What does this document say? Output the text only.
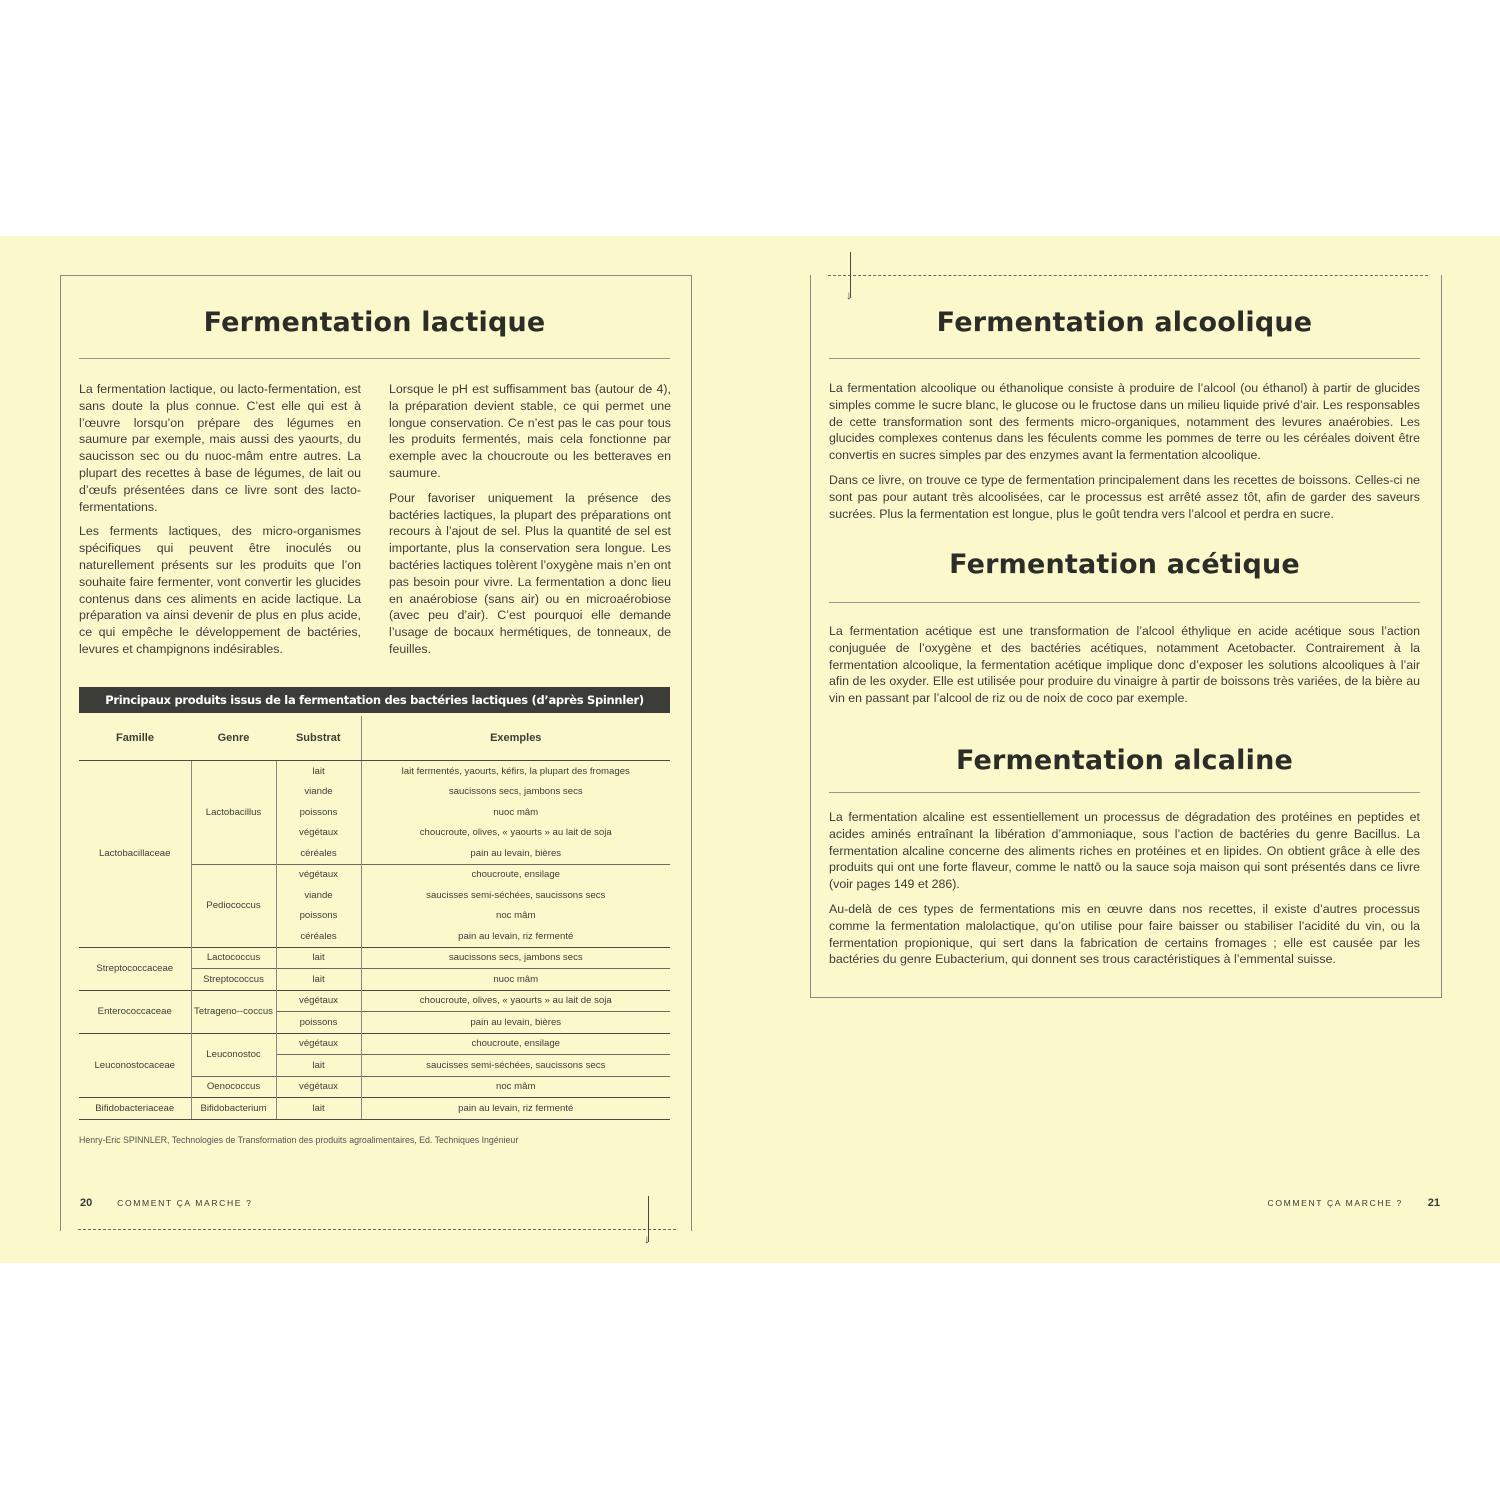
↓
↓
Fermentation lactique

La fermentation lactique, ou lacto-fermentation, est sans doute la plus connue. C’est elle qui est à l’œuvre lorsqu’on prépare des légumes en saumure par exemple, mais aussi des yaourts, du saucisson sec ou du nuoc-mâm entre autres. La plupart des recettes à base de légumes, de lait ou d’œufs présentées dans ce livre sont des lacto-fermentations.

Les ferments lactiques, des micro-organismes spécifiques qui peuvent être inoculés ou naturellement présents sur les produits que l’on souhaite faire fermenter, vont convertir les glucides contenus dans ces aliments en acide lactique. La préparation va ainsi devenir de plus en plus acide, ce qui empêche le développement de bactéries, levures et champignons indésirables.

Lorsque le pH est suffisamment bas (autour de 4), la préparation devient stable, ce qui permet une longue conservation. Ce n’est pas le cas pour tous les produits fermentés, mais cela fonctionne par exemple avec la choucroute ou les betteraves en saumure.

Pour favoriser uniquement la présence des bactéries lactiques, la plupart des préparations ont recours à l’ajout de sel. Plus la quantité de sel est importante, plus la conservation sera longue. Les bactéries lactiques tolèrent l’oxygène mais n’en ont pas besoin pour vivre. La fermentation a donc lieu en anaérobiose (sans air) ou en microaérobiose (avec peu d’air). C’est pourquoi elle demande l’usage de bocaux hermétiques, de tonneaux, de feuilles.

Principaux produits issus de la fermentation des bactéries lactiques (d’après Spinnler)
Famille	Genre	Substrat	Exemples
Lactobacillaceae	Lactobacillus	lait	lait fermentés, yaourts, kéfirs, la plupart des fromages
		viande	saucissons secs, jambons secs
		poissons	nuoc mâm
		végétaux	choucroute, olives, « yaourts » au lait de soja
		céréales	pain au levain, bières
	Pediococcus	végétaux	choucroute, ensilage
		viande	saucisses semi-séchées, saucissons secs
		poissons	noc mâm
		céréales	pain au levain, riz fermenté
Streptococcaceae	Lactococcus	lait	saucissons secs, jambons secs
	Streptococcus	lait	nuoc mâm
Enterococcaceae	Tetrageno--coccus	végétaux	choucroute, olives, « yaourts » au lait de soja
		poissons	pain au levain, bières
Leuconostocaceae	Leuconostoc	végétaux	choucroute, ensilage
		lait	saucisses semi-séchées, saucissons secs
	Oenococcus	végétaux	noc mâm
Bifidobacteriaceae	Bifidobacterium	lait	pain au levain, riz fermenté
Henry-Eric SPINNLER, Technologies de Transformation des produits agroalimentaires, Ed. Techniques Ingénieur
20	COMMENT ÇA MARCHE ?
Fermentation alcoolique

La fermentation alcoolique ou éthanolique consiste à produire de l’alcool (ou éthanol) à partir de glucides simples comme le sucre blanc, le glucose ou le fructose dans un milieu liquide privé d’air. Les responsables de cette transformation sont des ferments micro-organiques, notamment des levures anaérobies. Les glucides complexes contenus dans les féculents comme les pommes de terre ou les céréales doivent être convertis en sucres simples par des enzymes avant la fermentation alcoolique.

Dans ce livre, on trouve ce type de fermentation principalement dans les recettes de boissons. Celles-ci ne sont pas pour autant très alcoolisées, car le processus est arrêté assez tôt, afin de garder des saveurs sucrées. Plus la fermentation est longue, plus le goût tendra vers l’alcool et perdra en sucre.

Fermentation acétique

La fermentation acétique est une transformation de l’alcool éthylique en acide acétique sous l’action conjuguée de l’oxygène et des bactéries acétiques, notamment Acetobacter. Contrairement à la fermentation alcoolique, la fermentation acétique implique donc d’exposer les solutions alcooliques à l’air afin de les oxyder. Elle est utilisée pour produire du vinaigre à partir de boissons très variées, de la bière au vin en passant par l’alcool de riz ou de noix de coco par exemple.

Fermentation alcaline

La fermentation alcaline est essentiellement un processus de dégradation des protéines en peptides et acides aminés entraînant la libération d’ammoniaque, sous l’action de bactéries du genre Bacillus. La fermentation alcaline concerne des aliments riches en protéines et en lipides. On obtient grâce à elle des produits qui ont une forte flaveur, comme le nattō ou la sauce soja maison qui sont présentés dans ce livre (voir pages 149 et 286).

Au-delà de ces types de fermentations mis en œuvre dans nos recettes, il existe d’autres processus comme la fermentation malolactique, qu’on utilise pour faire baisser ou stabiliser l’acidité du vin, ou la fermentation propionique, qui sert dans la fabrication de certains fromages ; elle est causée par les bactéries du genre Eubacterium, qui donnent ses trous caractéristiques à l’emmental suisse.

COMMENT ÇA MARCHE ? 21
